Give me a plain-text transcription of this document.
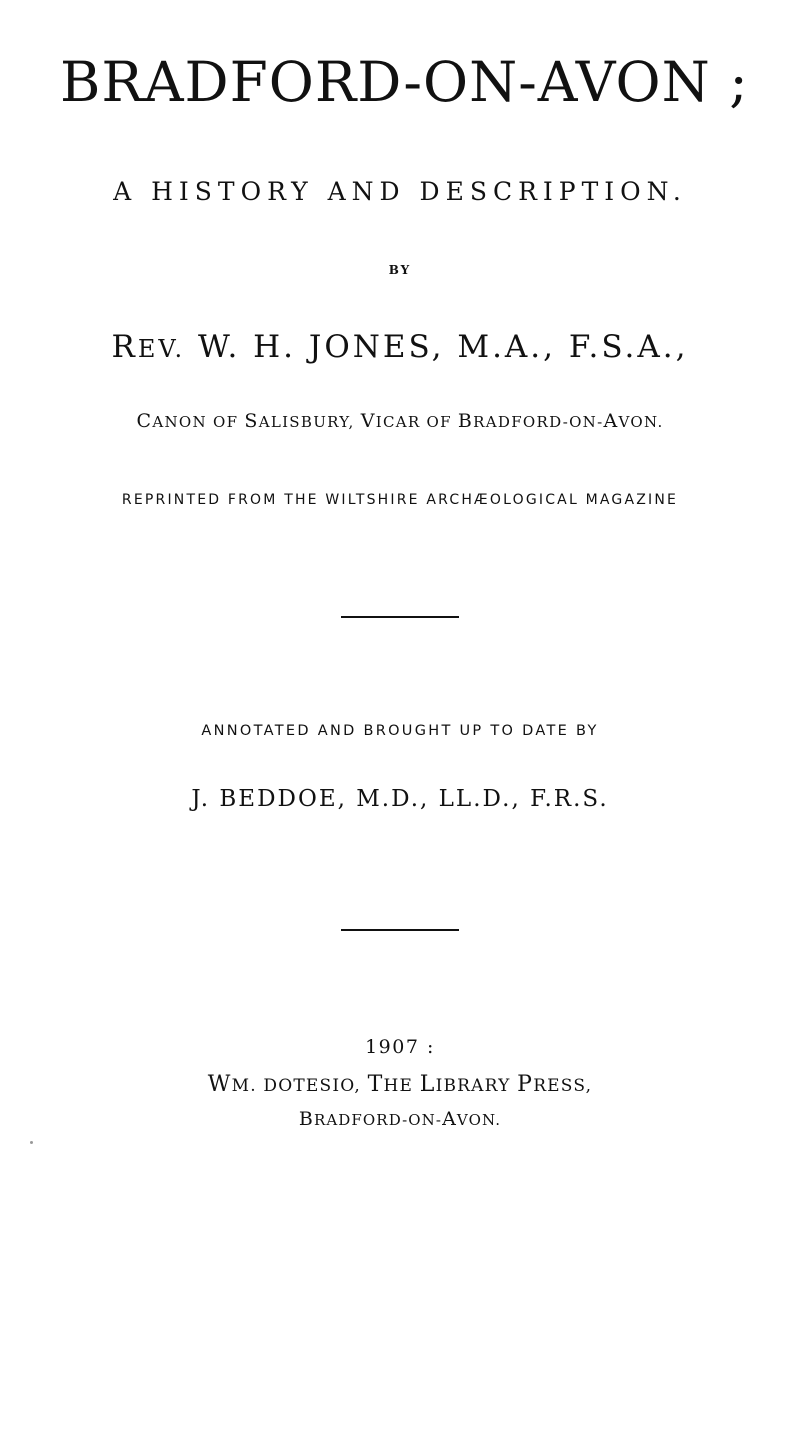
BRADFORD-ON-AVON ;
A HISTORY AND DESCRIPTION.
BY
REV. W. H. JONES, M.A., F.S.A.,
CANON OF SALISBURY, VICAR OF BRADFORD-ON-AVON.
REPRINTED FROM THE WILTSHIRE ARCHÆOLOGICAL MAGAZINE
ANNOTATED AND BROUGHT UP TO DATE BY
J. BEDDOE, M.D., LL.D., F.R.S.
1907 :
WM. DOTESIO, THE LIBRARY PRESS,
BRADFORD-ON-AVON.
